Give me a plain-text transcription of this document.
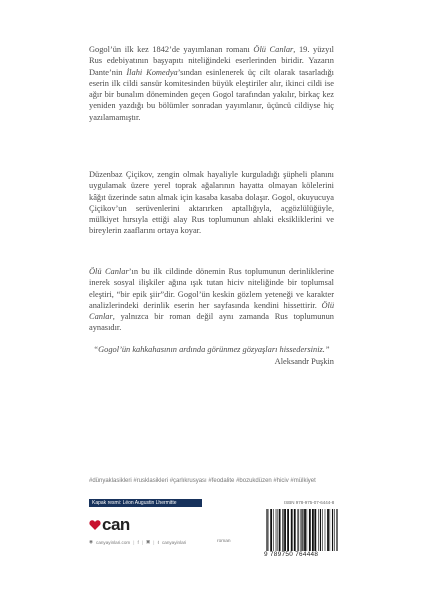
Gogol’ün ilk kez 1842’de yayımlanan romanı Ölü Canlar, 19. yüzyıl Rus edebiyatının başyapıtı niteliğindeki eserlerinden biridir. Yazarın Dante’nin İlahi Komedya’sından esinlenerek üç cilt olarak tasarladığı eserin ilk cildi sansür komitesinden büyük eleştiriler alır, ikinci cildi ise ağır bir bunalım döneminden geçen Gogol tarafından yakılır, birkaç kez yeniden yazdığı bu bölümler sonradan yayımlanır, üçüncü cildiyse hiç yazılamamıştır.

Düzenbaz Çiçikov, zengin olmak hayaliyle kurguladığı şüpheli planını uygulamak üzere yerel toprak ağalarının hayatta olmayan kölelerini kâğıt üzerinde satın almak için kasaba kasaba dolaşır. Gogol, okuyucuya Çiçikov’un serüvenlerini aktarırken aptallığıyla, açgözlülüğüyle, mülkiyet hırsıyla ettiği alay Rus toplumunun ahlaki eksikliklerini ve bireylerin zaaflarını ortaya koyar.

Ölü Canlar’ın bu ilk cildinde dönemin Rus toplumunun derinliklerine inerek sosyal ilişkiler ağına ışık tutan hiciv niteliğinde bir toplumsal eleştiri, “bir epik şiir”dir. Gogol’ün keskin gözlem yeteneği ve karakter analizlerindeki derinlik eserin her sayfasında kendini hissettirir. Ölü Canlar, yalnızca bir roman değil aynı zamanda Rus toplumunun aynasıdır.

“Gogol’ün kahkahasının ardında görünmez gözyaşları hissedersiniz.”

Aleksandr Puşkin

#dünyaklasikleri #rusklasikleri #çarlıkrusyası #feodalite #bozukdüzen #hiciv #mülkiyet

Kapak resmi: Léon Augustin Lhermitte	ISBN 978-975-07-6444-8
9 789750 764448
can
◉ canyayinlari.com | f | ▣ | ℓ canyayinlari	roman
